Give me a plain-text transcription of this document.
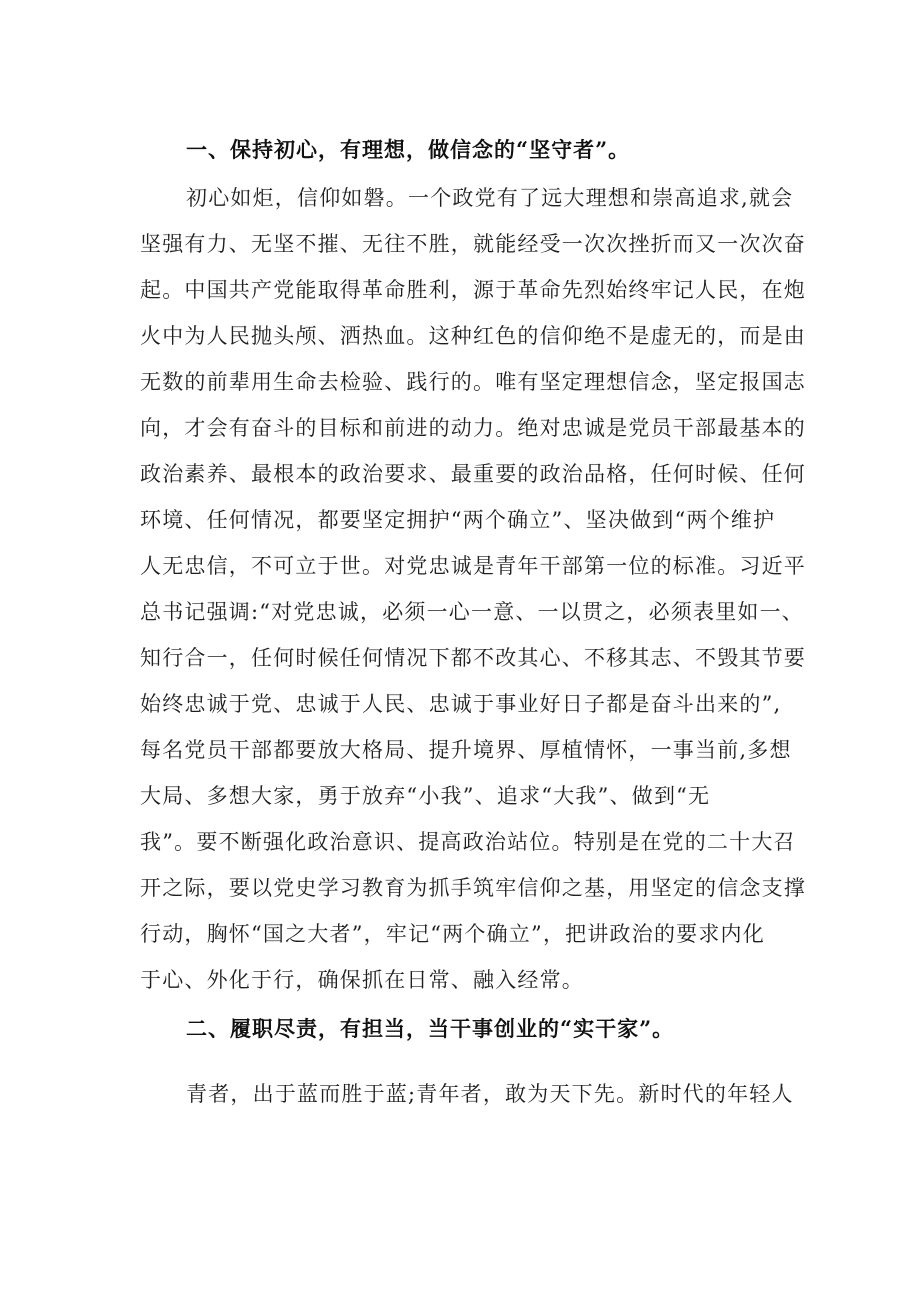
一、保持初心，有理想，做信念的“坚守者”。
初心如炬，信仰如磐。一个政党有了远大理想和崇高追求,就会
坚强有力、无坚不摧、无往不胜，就能经受一次次挫折而又一次次奋
起。中国共产党能取得革命胜利，源于革命先烈始终牢记人民，在炮
火中为人民抛头颅、洒热血。这种红色的信仰绝不是虚无的，而是由
无数的前辈用生命去检验、践行的。唯有坚定理想信念，坚定报国志
向，才会有奋斗的目标和前进的动力。绝对忠诚是党员干部最基本的
政治素养、最根本的政治要求、最重要的政治品格，任何时候、任何
环境、任何情况，都要坚定拥护“两个确立”、坚决做到“两个维护
人无忠信，不可立于世。对党忠诚是青年干部第一位的标准。习近平
总书记强调:“对党忠诚，必须一心一意、一以贯之，必须表里如一、
知行合一，任何时候任何情况下都不改其心、不移其志、不毁其节要
始终忠诚于党、忠诚于人民、忠诚于事业好日子都是奋斗出来的”,
每名党员干部都要放大格局、提升境界、厚植情怀，一事当前,多想
大局、多想大家，勇于放弃“小我”、追求“大我”、做到“无
我”。要不断强化政治意识、提高政治站位。特别是在党的二十大召
开之际，要以党史学习教育为抓手筑牢信仰之基，用坚定的信念支撑
行动，胸怀“国之大者”，牢记“两个确立”，把讲政治的要求内化
于心、外化于行，确保抓在日常、融入经常。
二、履职尽责，有担当，当干事创业的“实干家”。
青者，出于蓝而胜于蓝;青年者，敢为天下先。新时代的年轻人
